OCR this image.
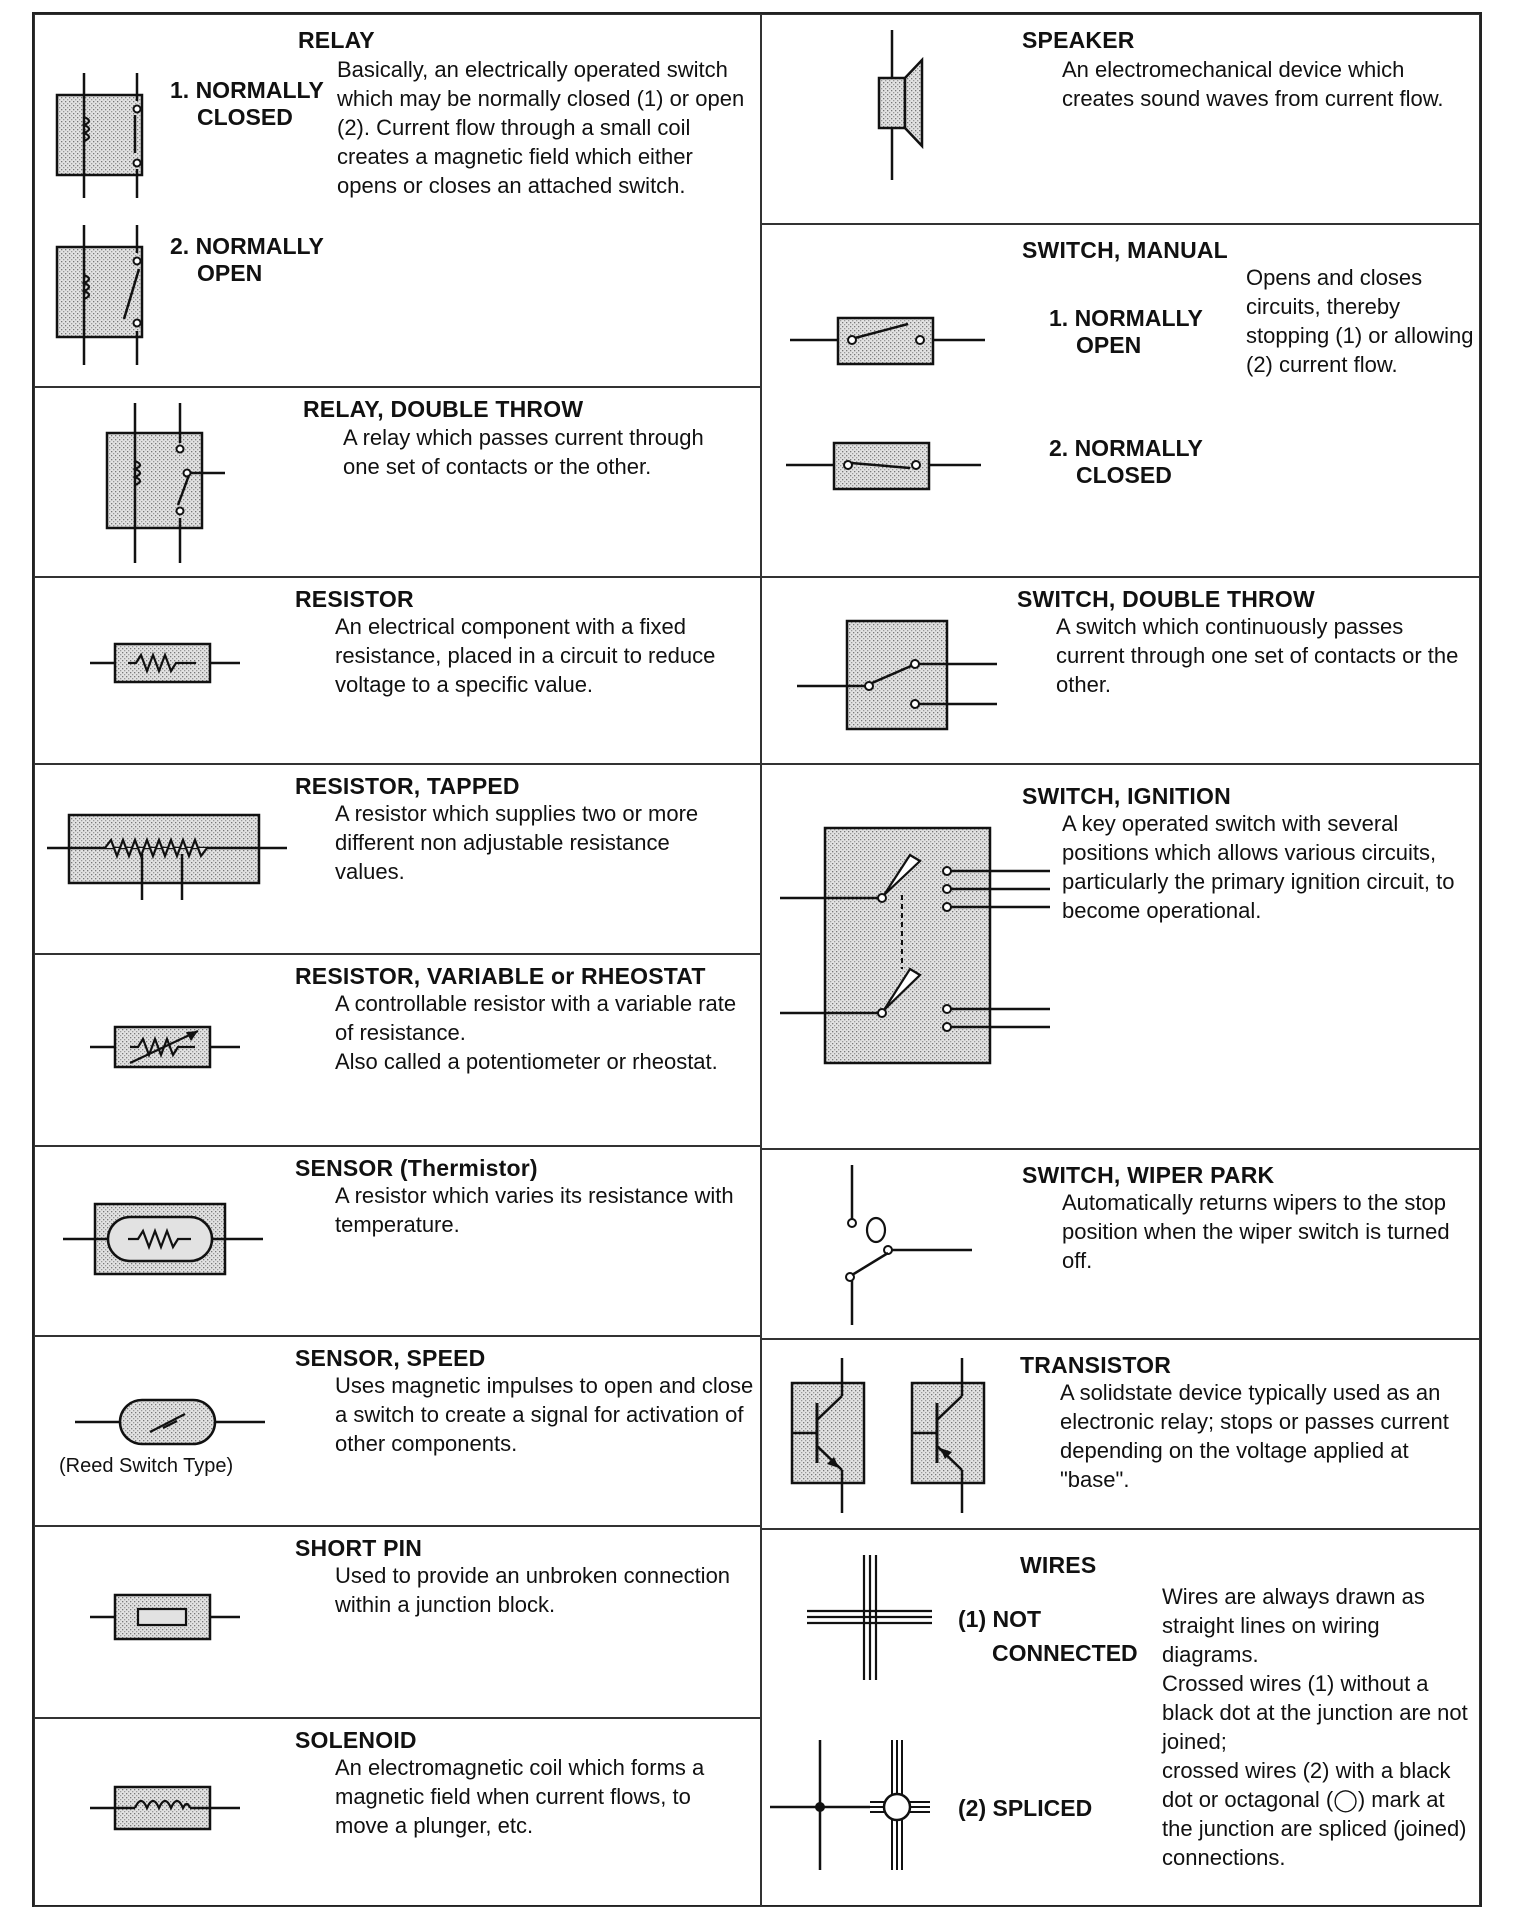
RELAY
1. NORMALLY
CLOSED
2. NORMALLY
OPEN
Basically, an electrically operated switch which may be normally closed (1) or open (2). Current flow through a small coil creates a magnetic field which either opens or closes an attached switch.
RELAY, DOUBLE THROW
A relay which passes current through one set of contacts or the other.
RESISTOR
An electrical component with a fixed resistance, placed in a circuit to reduce voltage to a specific value.
RESISTOR, TAPPED
A resistor which supplies two or more different non adjustable resistance values.
RESISTOR, VARIABLE or RHEOSTAT
A controllable resistor with a variable rate of resistance.
Also called a potentiometer or rheostat.
SENSOR (Thermistor)
A resistor which varies its resistance with temperature.
(Reed Switch Type)
SENSOR, SPEED
Uses magnetic impulses to open and close a switch to create a signal for activation of other components.
SHORT PIN
Used to provide an unbroken connection within a junction block.
SOLENOID
An electromagnetic coil which forms a magnetic field when current flows, to move a plunger, etc.
SPEAKER
An electromechanical device which creates sound waves from current flow.
SWITCH, MANUAL
1. NORMALLY
OPEN
2. NORMALLY
CLOSED
Opens and closes circuits, thereby stopping (1) or allowing (2) current flow.
SWITCH, DOUBLE THROW
A switch which continuously passes current through one set of contacts or the other.
SWITCH, IGNITION
A key operated switch with several positions which allows various circuits, particularly the primary ignition circuit, to become operational.
SWITCH, WIPER PARK
Automatically returns wipers to the stop position when the wiper switch is turned off.
TRANSISTOR
A solidstate device typically used as an electronic relay; stops or passes current depending on the voltage applied at "base".
WIRES
(1) NOT
CONNECTED
(2) SPLICED
Wires are always drawn as straight lines on wiring diagrams.
Crossed wires (1) without a black dot at the junction are not joined;
crossed wires (2) with a black dot or octagonal (◯) mark at the junction are spliced (joined) connections.
